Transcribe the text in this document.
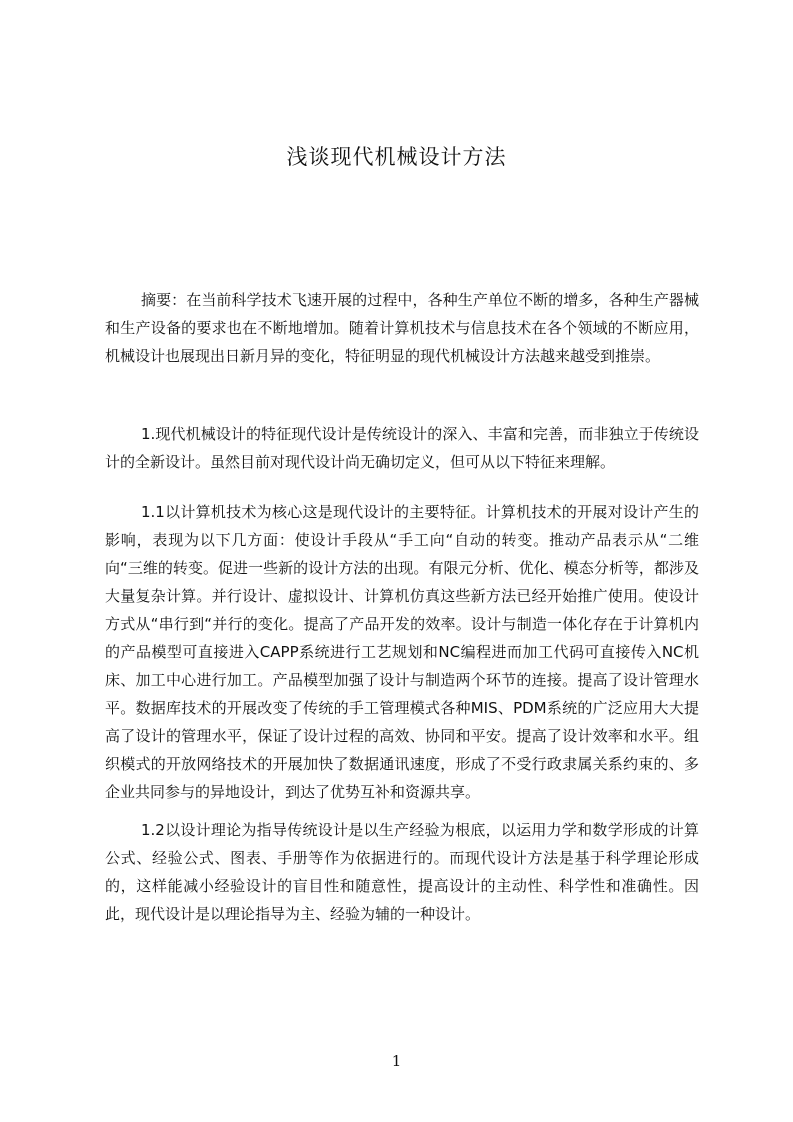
浅谈现代机械设计方法

摘要：在当前科学技术飞速开展的过程中，各种生产单位不断的增多，各种生产器械和生产设备的要求也在不断地增加。随着计算机技术与信息技术在各个领域的不断应用，机械设计也展现出日新月异的变化，特征明显的现代机械设计方法越来越受到推崇。

1.现代机械设计的特征现代设计是传统设计的深入、丰富和完善，而非独立于传统设计的全新设计。虽然目前对现代设计尚无确切定义，但可从以下特征来理解。

1.1以计算机技术为核心这是现代设计的主要特征。计算机技术的开展对设计产生的影响，表现为以下几方面：使设计手段从“手工向“自动的转变。推动产品表示从“二维向“三维的转变。促进一些新的设计方法的出现。有限元分析、优化、模态分析等，都涉及大量复杂计算。并行设计、虚拟设计、计算机仿真这些新方法已经开始推广使用。使设计方式从“串行到“并行的变化。提高了产品开发的效率。设计与制造一体化存在于计算机内的产品模型可直接进入CAPP系统进行工艺规划和NC编程进而加工代码可直接传入NC机床、加工中心进行加工。产品模型加强了设计与制造两个环节的连接。提高了设计管理水平。数据库技术的开展改变了传统的手工管理模式各种MIS、PDM系统的广泛应用大大提高了设计的管理水平，保证了设计过程的高效、协同和平安。提高了设计效率和水平。组织模式的开放网络技术的开展加快了数据通讯速度，形成了不受行政隶属关系约束的、多企业共同参与的异地设计，到达了优势互补和资源共享。

1.2以设计理论为指导传统设计是以生产经验为根底，以运用力学和数学形成的计算公式、经验公式、图表、手册等作为依据进行的。而现代设计方法是基于科学理论形成的，这样能减小经验设计的盲目性和随意性，提高设计的主动性、科学性和准确性。因此，现代设计是以理论指导为主、经验为辅的一种设计。

1
